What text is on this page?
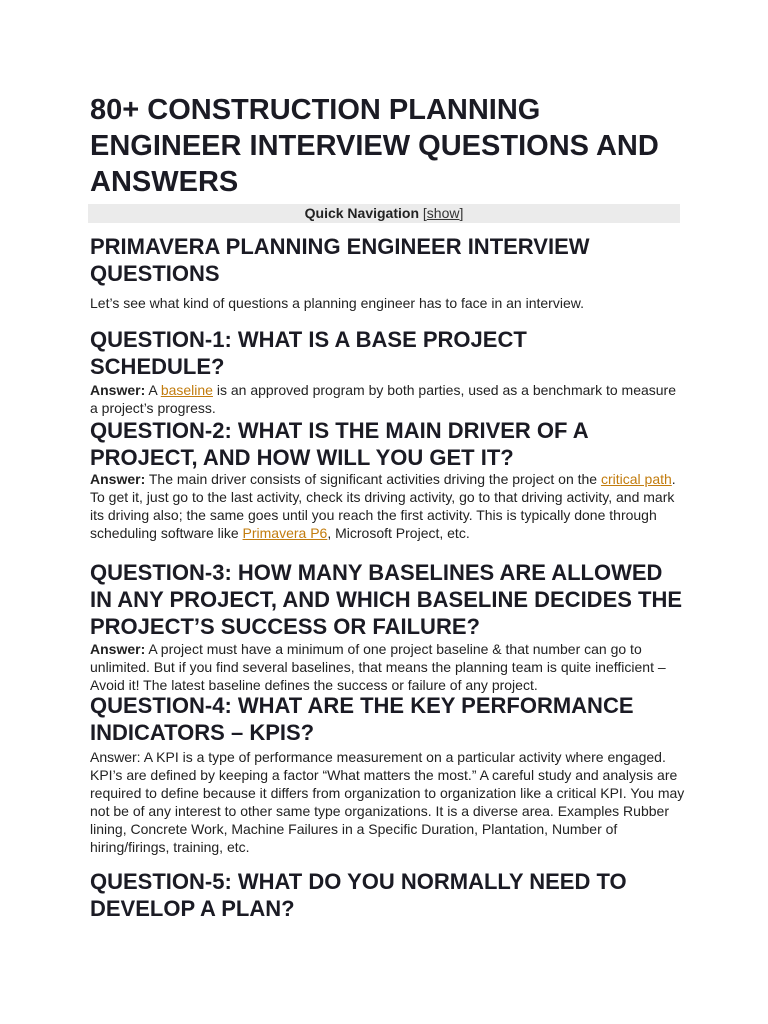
80+ CONSTRUCTION PLANNING ENGINEER INTERVIEW QUESTIONS AND ANSWERS
Quick Navigation [show]
PRIMAVERA PLANNING ENGINEER INTERVIEW QUESTIONS

Let’s see what kind of questions a planning engineer has to face in an interview.

QUESTION-1: WHAT IS A BASE PROJECT SCHEDULE?

Answer: A baseline is an approved program by both parties, used as a benchmark to measure a project’s progress.

QUESTION-2: WHAT IS THE MAIN DRIVER OF A PROJECT, AND HOW WILL YOU GET IT?

Answer: The main driver consists of significant activities driving the project on the critical path. To get it, just go to the last activity, check its driving activity, go to that driving activity, and mark its driving also; the same goes until you reach the first activity. This is typically done through scheduling software like Primavera P6, Microsoft Project, etc.

QUESTION-3: HOW MANY BASELINES ARE ALLOWED IN ANY PROJECT, AND WHICH BASELINE DECIDES THE PROJECT’S SUCCESS OR FAILURE?

Answer: A project must have a minimum of one project baseline & that number can go to unlimited. But if you find several baselines, that means the planning team is quite inefficient – Avoid it! The latest baseline defines the success or failure of any project.

QUESTION-4: WHAT ARE THE KEY PERFORMANCE INDICATORS – KPIS?

Answer: A KPI is a type of performance measurement on a particular activity where engaged. KPI’s are defined by keeping a factor “What matters the most.” A careful study and analysis are required to define because it differs from organization to organization like a critical KPI. You may not be of any interest to other same type organizations. It is a diverse area. Examples Rubber lining, Concrete Work, Machine Failures in a Specific Duration, Plantation, Number of hiring/firings, training, etc.

QUESTION-5: WHAT DO YOU NORMALLY NEED TO DEVELOP A PLAN?
